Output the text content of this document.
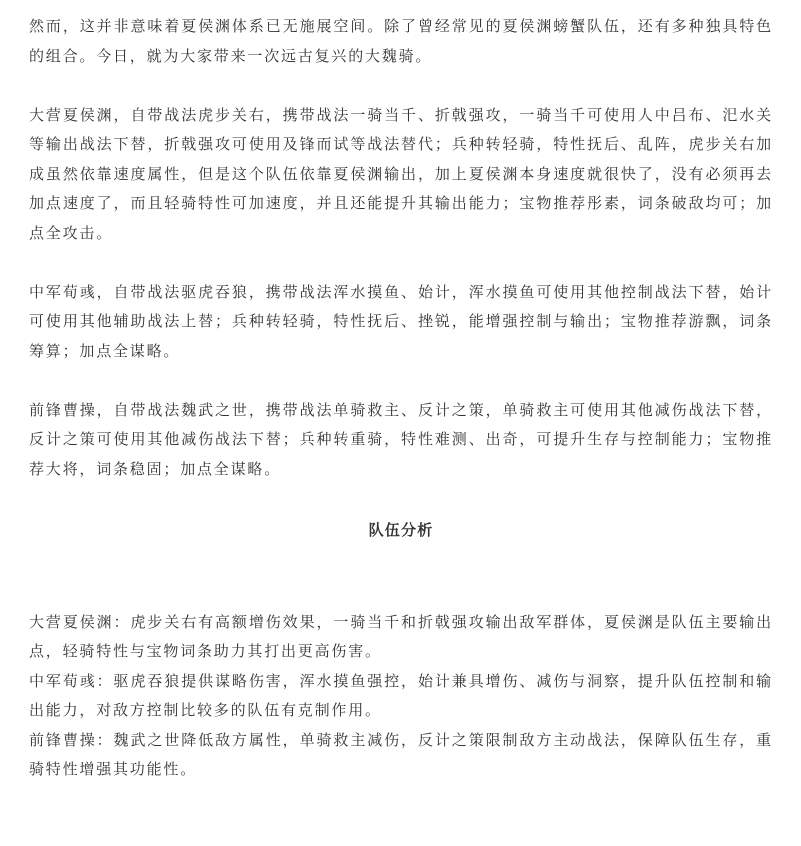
然而，这并非意味着夏侯渊体系已无施展空间。除了曾经常见的夏侯渊螃蟹队伍，还有多种独具特色的组合。今日，就为大家带来一次远古复兴的大魏骑。

大营夏侯渊，自带战法虎步关右，携带战法一骑当千、折戟强攻，一骑当千可使用人中吕布、汜水关等输出战法下替，折戟强攻可使用及锋而试等战法替代；兵种转轻骑，特性抚后、乱阵，虎步关右加成虽然依靠速度属性，但是这个队伍依靠夏侯渊输出，加上夏侯渊本身速度就很快了，没有必须再去加点速度了，而且轻骑特性可加速度，并且还能提升其输出能力；宝物推荐彤素，词条破敌均可；加点全攻击。

中军荀彧，自带战法驱虎吞狼，携带战法浑水摸鱼、始计，浑水摸鱼可使用其他控制战法下替，始计可使用其他辅助战法上替；兵种转轻骑，特性抚后、挫锐，能增强控制与输出；宝物推荐游飘，词条筹算；加点全谋略。

前锋曹操，自带战法魏武之世，携带战法单骑救主、反计之策，单骑救主可使用其他减伤战法下替，反计之策可使用其他减伤战法下替；兵种转重骑，特性难测、出奇，可提升生存与控制能力；宝物推荐大将，词条稳固；加点全谋略。

队伍分析

大营夏侯渊：虎步关右有高额增伤效果，一骑当千和折戟强攻输出敌军群体，夏侯渊是队伍主要输出点，轻骑特性与宝物词条助力其打出更高伤害。

中军荀彧：驱虎吞狼提供谋略伤害，浑水摸鱼强控，始计兼具增伤、减伤与洞察，提升队伍控制和输出能力，对敌方控制比较多的队伍有克制作用。

前锋曹操：魏武之世降低敌方属性，单骑救主减伤，反计之策限制敌方主动战法，保障队伍生存，重骑特性增强其功能性。
